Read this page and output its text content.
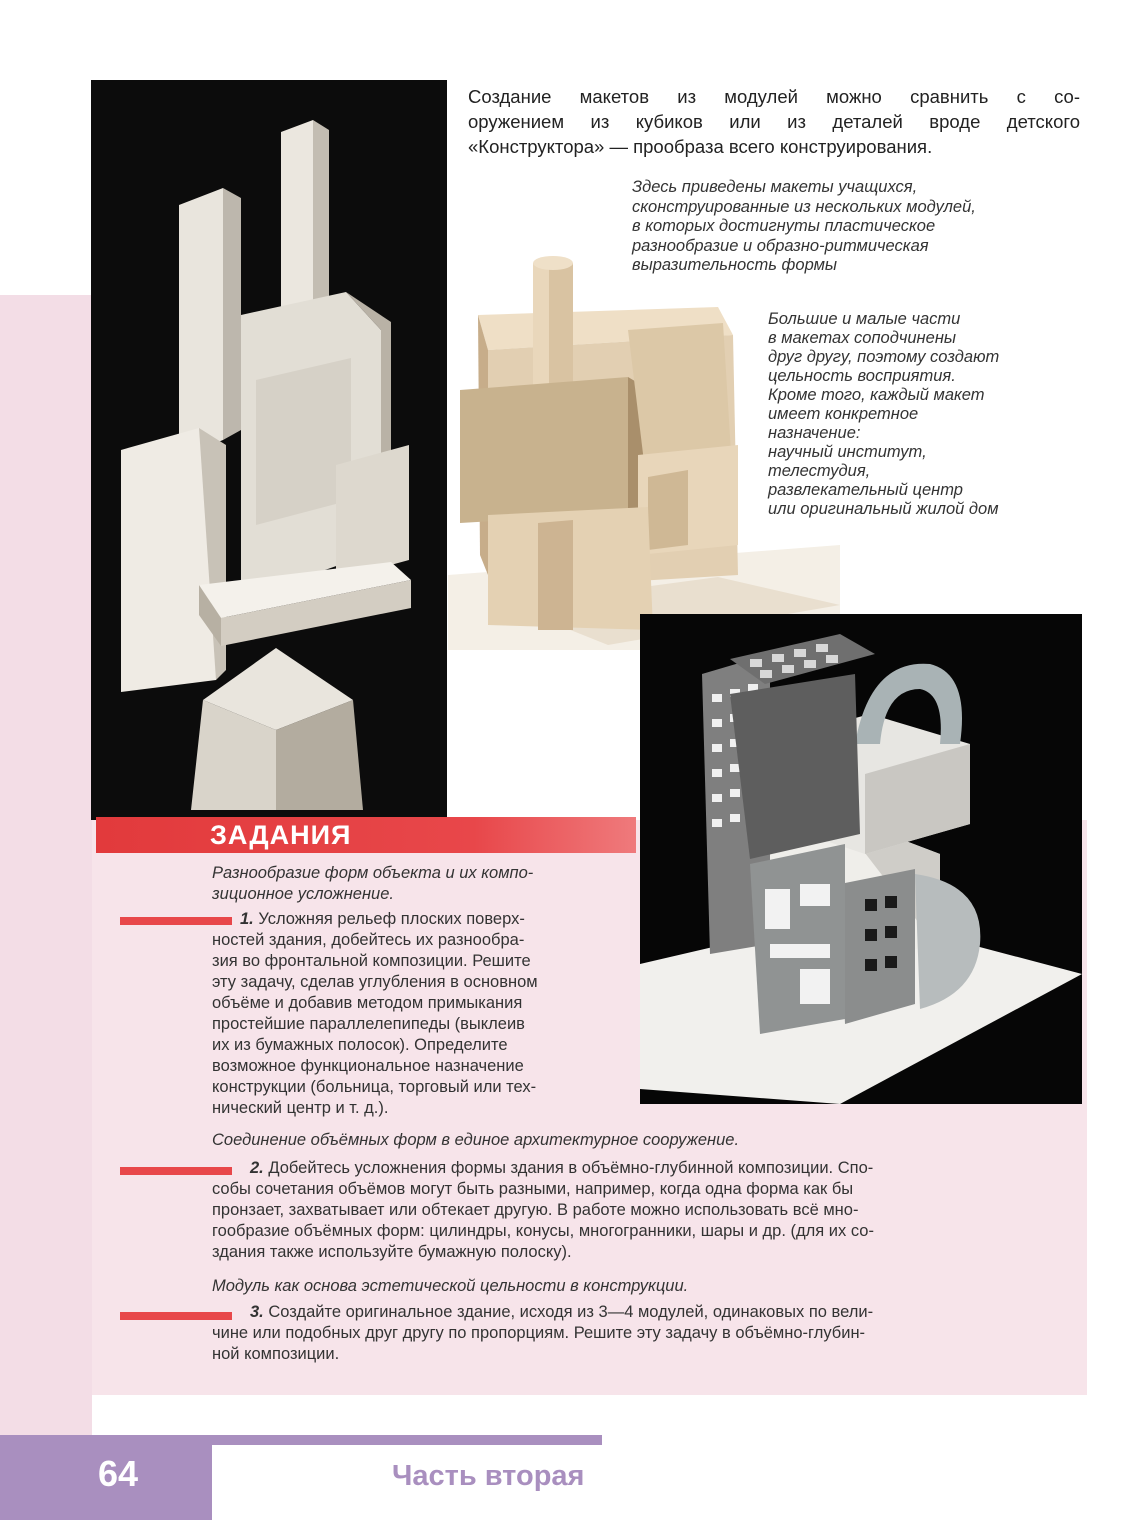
Создание макетов из модулей можно сравнить с со-
оружением из кубиков или из деталей вроде детского
«Конструктора» — прообраза всего конструирования.
Здесь приведены макеты учащихся,
сконструированные из нескольких модулей,
в которых достигнуты пластическое
разнообразие и образно-ритмическая
выразительность формы
Большие и малые части
в макетах соподчинены
друг другу, поэтому создают
цельность восприятия.
Кроме того, каждый макет
имеет конкретное
назначение:
научный институт,
телестудия,
развлекательный центр
или оригинальный жилой дом
ЗАДАНИЯ
Разнообразие форм объекта и их компо-
зиционное усложнение.
1. Усложняя рельеф плоских поверх-
ностей здания, добейтесь их разнообра-
зия во фронтальной композиции. Решите
эту задачу, сделав углубления в основном
объёме и добавив методом примыкания
простейшие параллелепипеды (выклеив
их из бумажных полосок). Определите
возможное функциональное назначение
конструкции (больница, торговый или тех-
нический центр и т. д.).
Соединение объёмных форм в единое архитектурное сооружение.
2. Добейтесь усложнения формы здания в объёмно-глубинной композиции. Спо-
собы сочетания объёмов могут быть разными, например, когда одна форма как бы
пронзает, захватывает или обтекает другую. В работе можно использовать всё мно-
гообразие объёмных форм: цилиндры, конусы, многогранники, шары и др. (для их со-
здания также используйте бумажную полоску).
Модуль как основа эстетической цельности в конструкции.
3. Создайте оригинальное здание, исходя из 3—4 модулей, одинаковых по вели-
чине или подобных друг другу по пропорциям. Решите эту задачу в объёмно-глубин-
ной композиции.
64	Часть вторая
